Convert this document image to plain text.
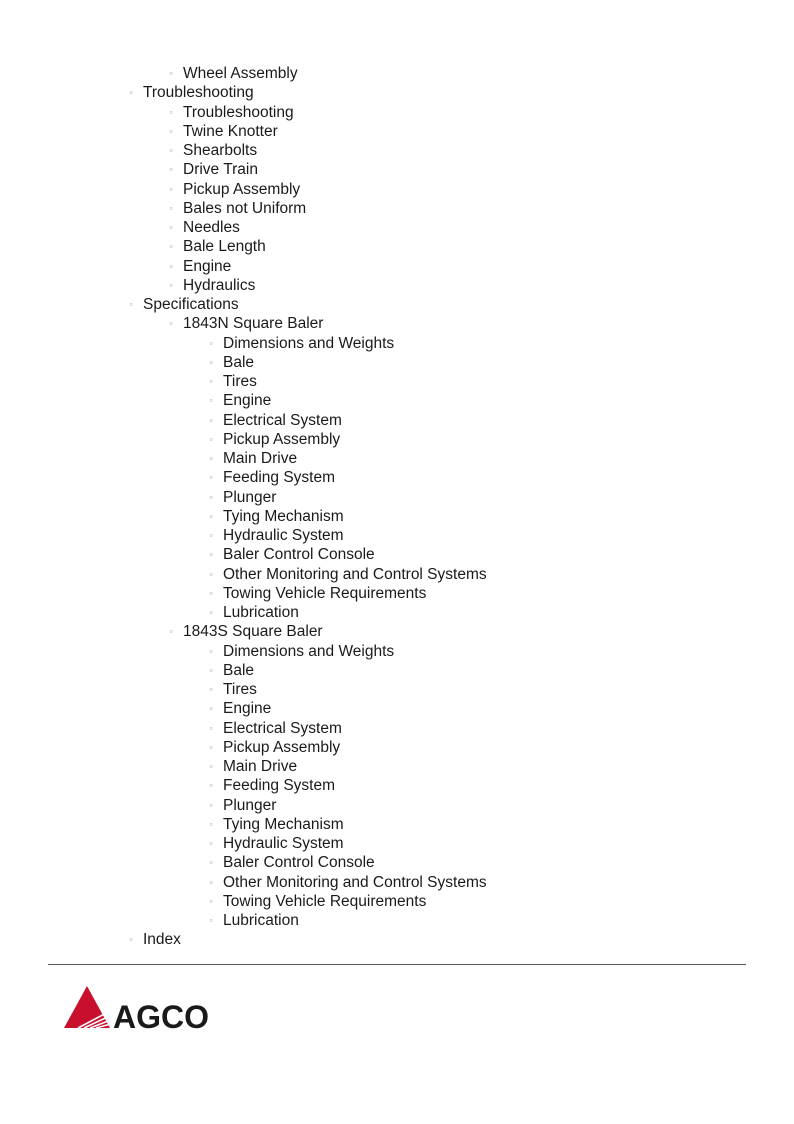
▫ Wheel Assembly
▫ Troubleshooting
▫ Troubleshooting
▫ Twine Knotter
▫ Shearbolts
▫ Drive Train
▫ Pickup Assembly
▫ Bales not Uniform
▫ Needles
▫ Bale Length
▫ Engine
▫ Hydraulics
▫ Specifications
▫ 1843N Square Baler
▫ Dimensions and Weights
▫ Bale
▫ Tires
▫ Engine
▫ Electrical System
▫ Pickup Assembly
▫ Main Drive
▫ Feeding System
▫ Plunger
▫ Tying Mechanism
▫ Hydraulic System
▫ Baler Control Console
▫ Other Monitoring and Control Systems
▫ Towing Vehicle Requirements
▫ Lubrication
▫ 1843S Square Baler
▫ Dimensions and Weights
▫ Bale
▫ Tires
▫ Engine
▫ Electrical System
▫ Pickup Assembly
▫ Main Drive
▫ Feeding System
▫ Plunger
▫ Tying Mechanism
▫ Hydraulic System
▫ Baler Control Console
▫ Other Monitoring and Control Systems
▫ Towing Vehicle Requirements
▫ Lubrication
▫ Index
AGCO
